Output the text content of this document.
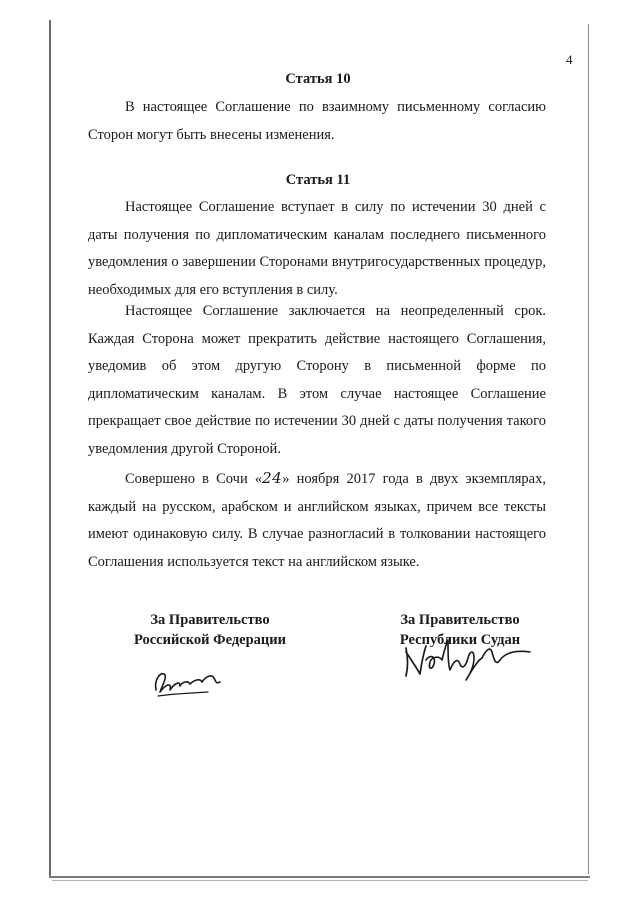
4
Статья 10

В настоящее Соглашение по взаимному письменному согласию Сторон могут быть внесены изменения.

Статья 11

Настоящее Соглашение вступает в силу по истечении 30 дней с даты получения по дипломатическим каналам последнего письменного уведомления о завершении Сторонами внутригосударственных процедур, необходимых для его вступления в силу.

Настоящее Соглашение заключается на неопределенный срок. Каждая Сторона может прекратить действие настоящего Соглашения, уведомив об этом другую Сторону в письменной форме по дипломатическим каналам. В этом случае настоящее Соглашение прекращает свое действие по истечении 30 дней с даты получения такого уведомления другой Стороной.

Совершено в Сочи «24» ноября 2017 года в двух экземплярах, каждый на русском, арабском и английском языках, причем все тексты имеют одинаковую силу. В случае разногласий в толковании настоящего Соглашения используется текст на английском языке.

За Правительство
Российской Федерации
За Правительство
Республики Судан
